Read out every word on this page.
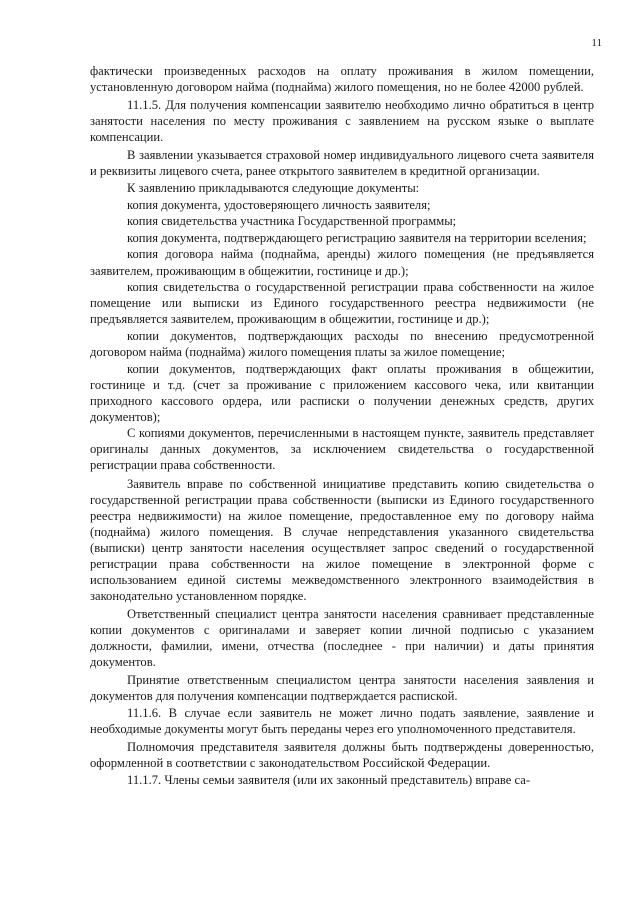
11

фактически произведенных расходов на оплату проживания в жилом помещении, установленную договором найма (поднайма) жилого помещения, но не более 42000 рублей.

11.1.5. Для получения компенсации заявителю необходимо лично обратиться в центр занятости населения по месту проживания с заявлением на русском языке о выплате компенсации.

В заявлении указывается страховой номер индивидуального лицевого счета заявителя и реквизиты лицевого счета, ранее открытого заявителем в кредитной организации.

К заявлению прикладываются следующие документы:

копия документа, удостоверяющего личность заявителя;

копия свидетельства участника Государственной программы;

копия документа, подтверждающего регистрацию заявителя на территории вселения;

копия договора найма (поднайма, аренды) жилого помещения (не предъявляется заявителем, проживающим в общежитии, гостинице и др.);

копия свидетельства о государственной регистрации права собственности на жилое помещение или выписки из Единого государственного реестра недвижимости (не предъявляется заявителем, проживающим в общежитии, гостинице и др.);

копии документов, подтверждающих расходы по внесению предусмотренной договором найма (поднайма) жилого помещения платы за жилое помещение;

копии документов, подтверждающих факт оплаты проживания в общежитии, гостинице и т.д. (счет за проживание с приложением кассового чека, или квитанции приходного кассового ордера, или расписки о получении денежных средств, других документов);

С копиями документов, перечисленными в настоящем пункте, заявитель представляет оригиналы данных документов, за исключением свидетельства о государственной регистрации права собственности.

Заявитель вправе по собственной инициативе представить копию свидетельства о государственной регистрации права собственности (выписки из Единого государственного реестра недвижимости) на жилое помещение, предоставленное ему по договору найма (поднайма) жилого помещения. В случае непредставления указанного свидетельства (выписки) центр занятости населения осуществляет запрос сведений о государственной регистрации права собственности на жилое помещение в электронной форме с использованием единой системы межведомственного электронного взаимодействия в законодательно установленном порядке.

Ответственный специалист центра занятости населения сравнивает представленные копии документов с оригиналами и заверяет копии личной подписью с указанием должности, фамилии, имени, отчества (последнее - при наличии) и даты принятия документов.

Принятие ответственным специалистом центра занятости населения заявления и документов для получения компенсации подтверждается распиской.

11.1.6. В случае если заявитель не может лично подать заявление, заявление и необходимые документы могут быть переданы через его уполномоченного представителя.

Полномочия представителя заявителя должны быть подтверждены доверенностью, оформленной в соответствии с законодательством Российской Федерации.

11.1.7. Члены семьи заявителя (или их законный представитель) вправе са-
